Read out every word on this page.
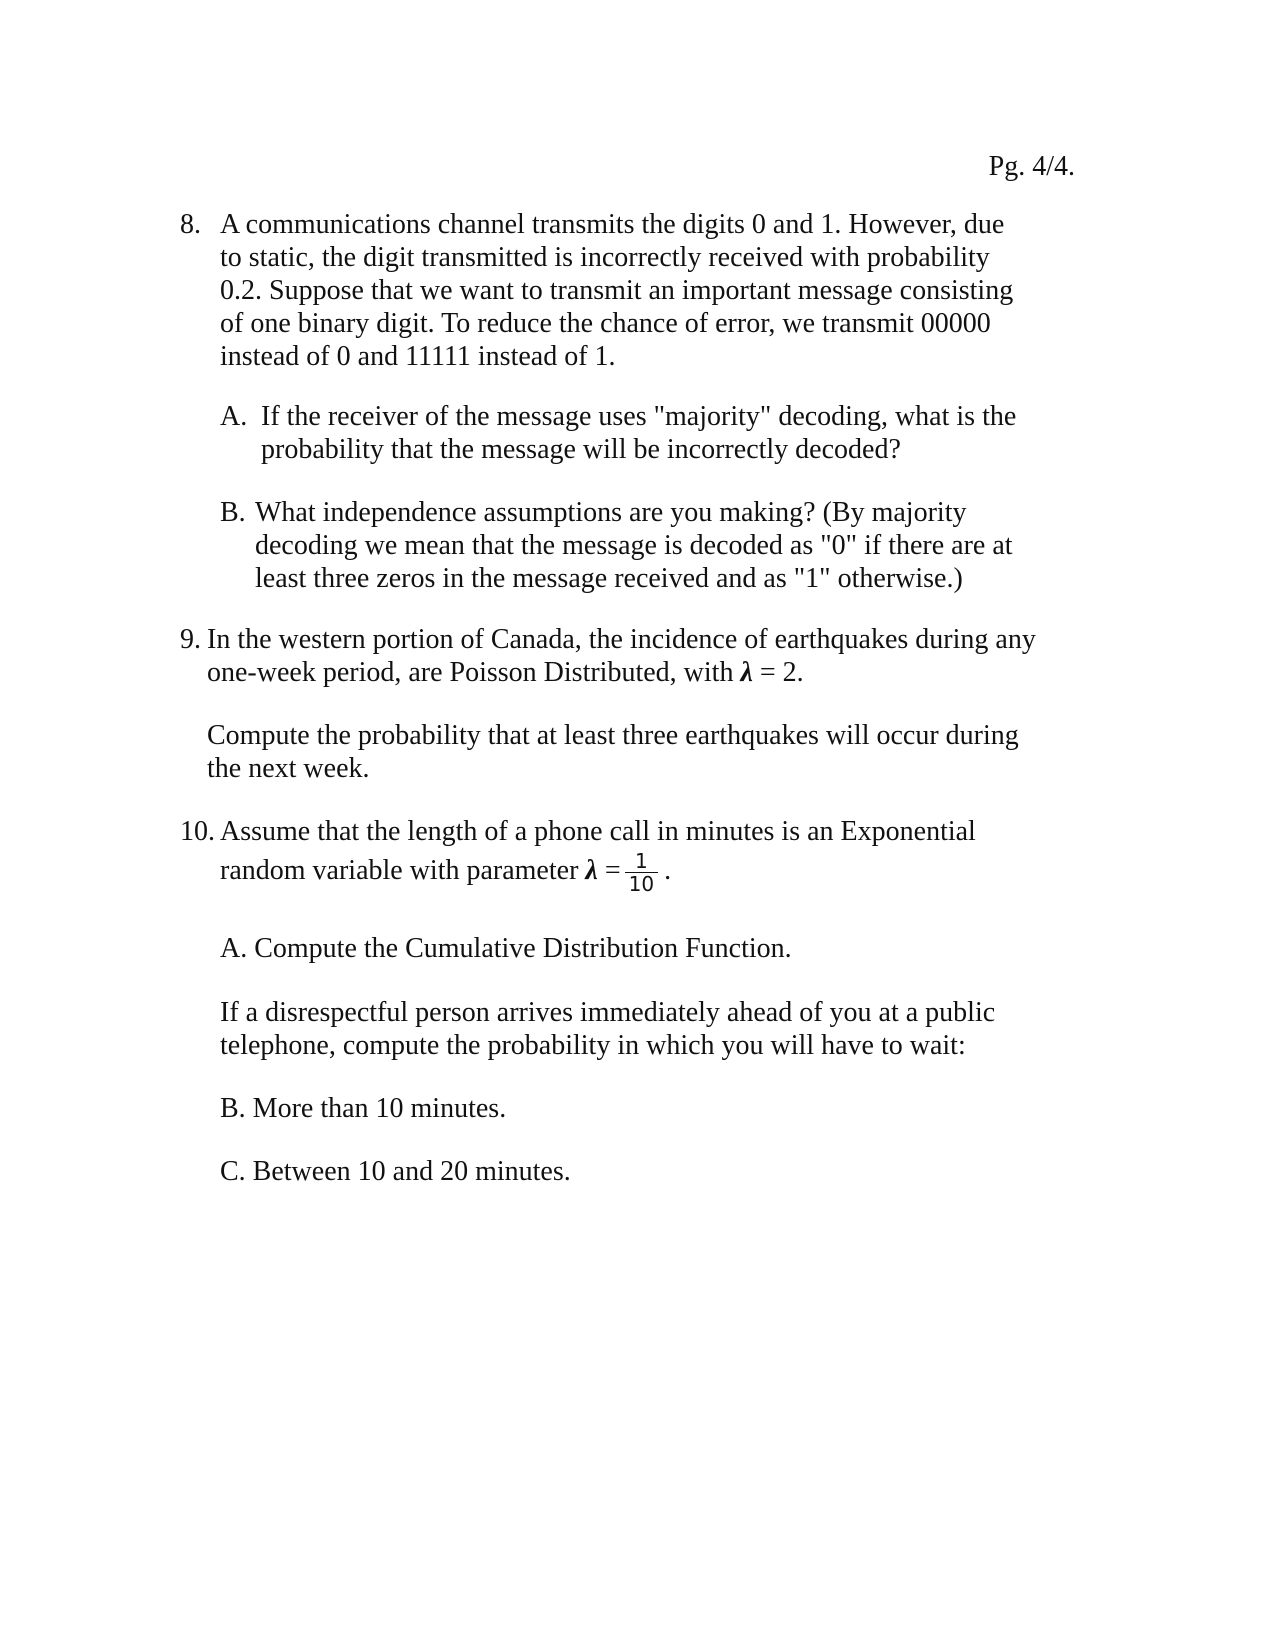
Pg. 4/4.
8. A communications channel transmits the digits 0 and 1. However, due
to static, the digit transmitted is incorrectly received with probability
0.2. Suppose that we want to transmit an important message consisting
of one binary digit. To reduce the chance of error, we transmit 00000
instead of 0 and 11111 instead of 1.
A. If the receiver of the message uses "majority" decoding, what is the
probability that the message will be incorrectly decoded?
B. What independence assumptions are you making? (By majority
decoding we mean that the message is decoded as "0" if there are at
least three zeros in the message received and as "1" otherwise.)
9. In the western portion of Canada, the incidence of earthquakes during any
one-week period, are Poisson Distributed, with λ = 2.
Compute the probability that at least three earthquakes will occur during
the next week.
10. Assume that the length of a phone call in minutes is an Exponential
random variable with parameter $\lambda = \frac{1}{10}$ .
A. Compute the Cumulative Distribution Function.
If a disrespectful person arrives immediately ahead of you at a public
telephone, compute the probability in which you will have to wait:
B. More than 10 minutes.
C. Between 10 and 20 minutes.
